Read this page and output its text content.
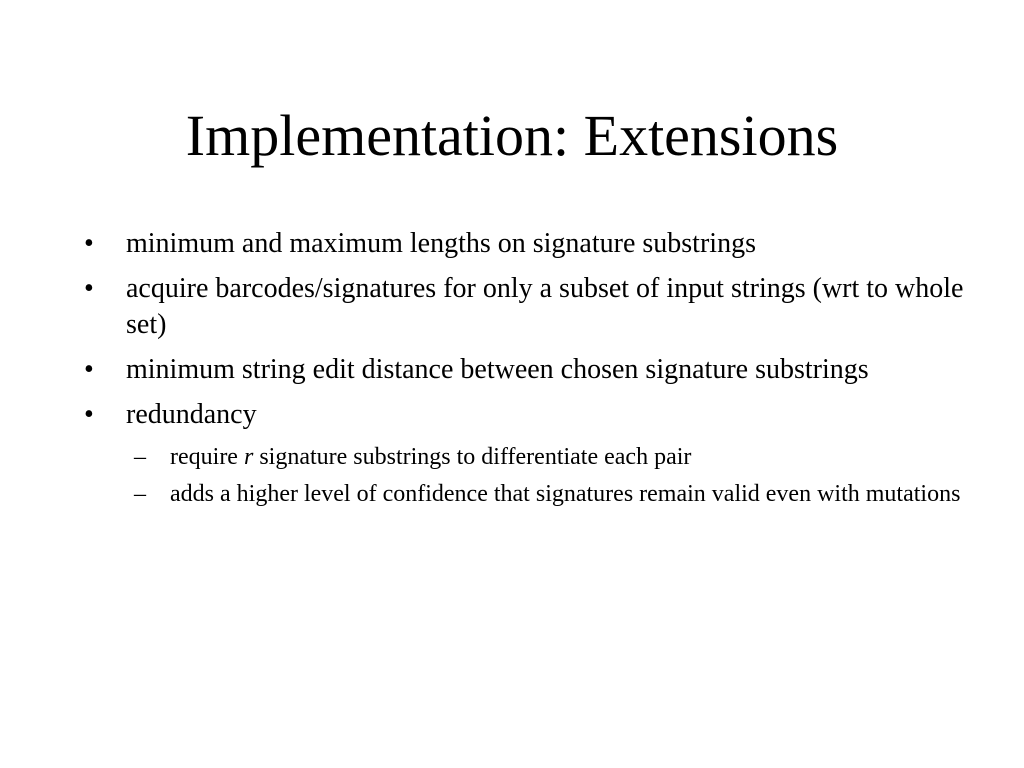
Implementation: Extensions
•	minimum and maximum lengths on signature substrings
•	acquire barcodes/signatures for only a subset of input strings (wrt to whole set)
•	minimum string edit distance between chosen signature substrings
•	redundancy
– require r signature substrings to differentiate each pair
– adds a higher level of confidence that signatures remain valid even with mutations
